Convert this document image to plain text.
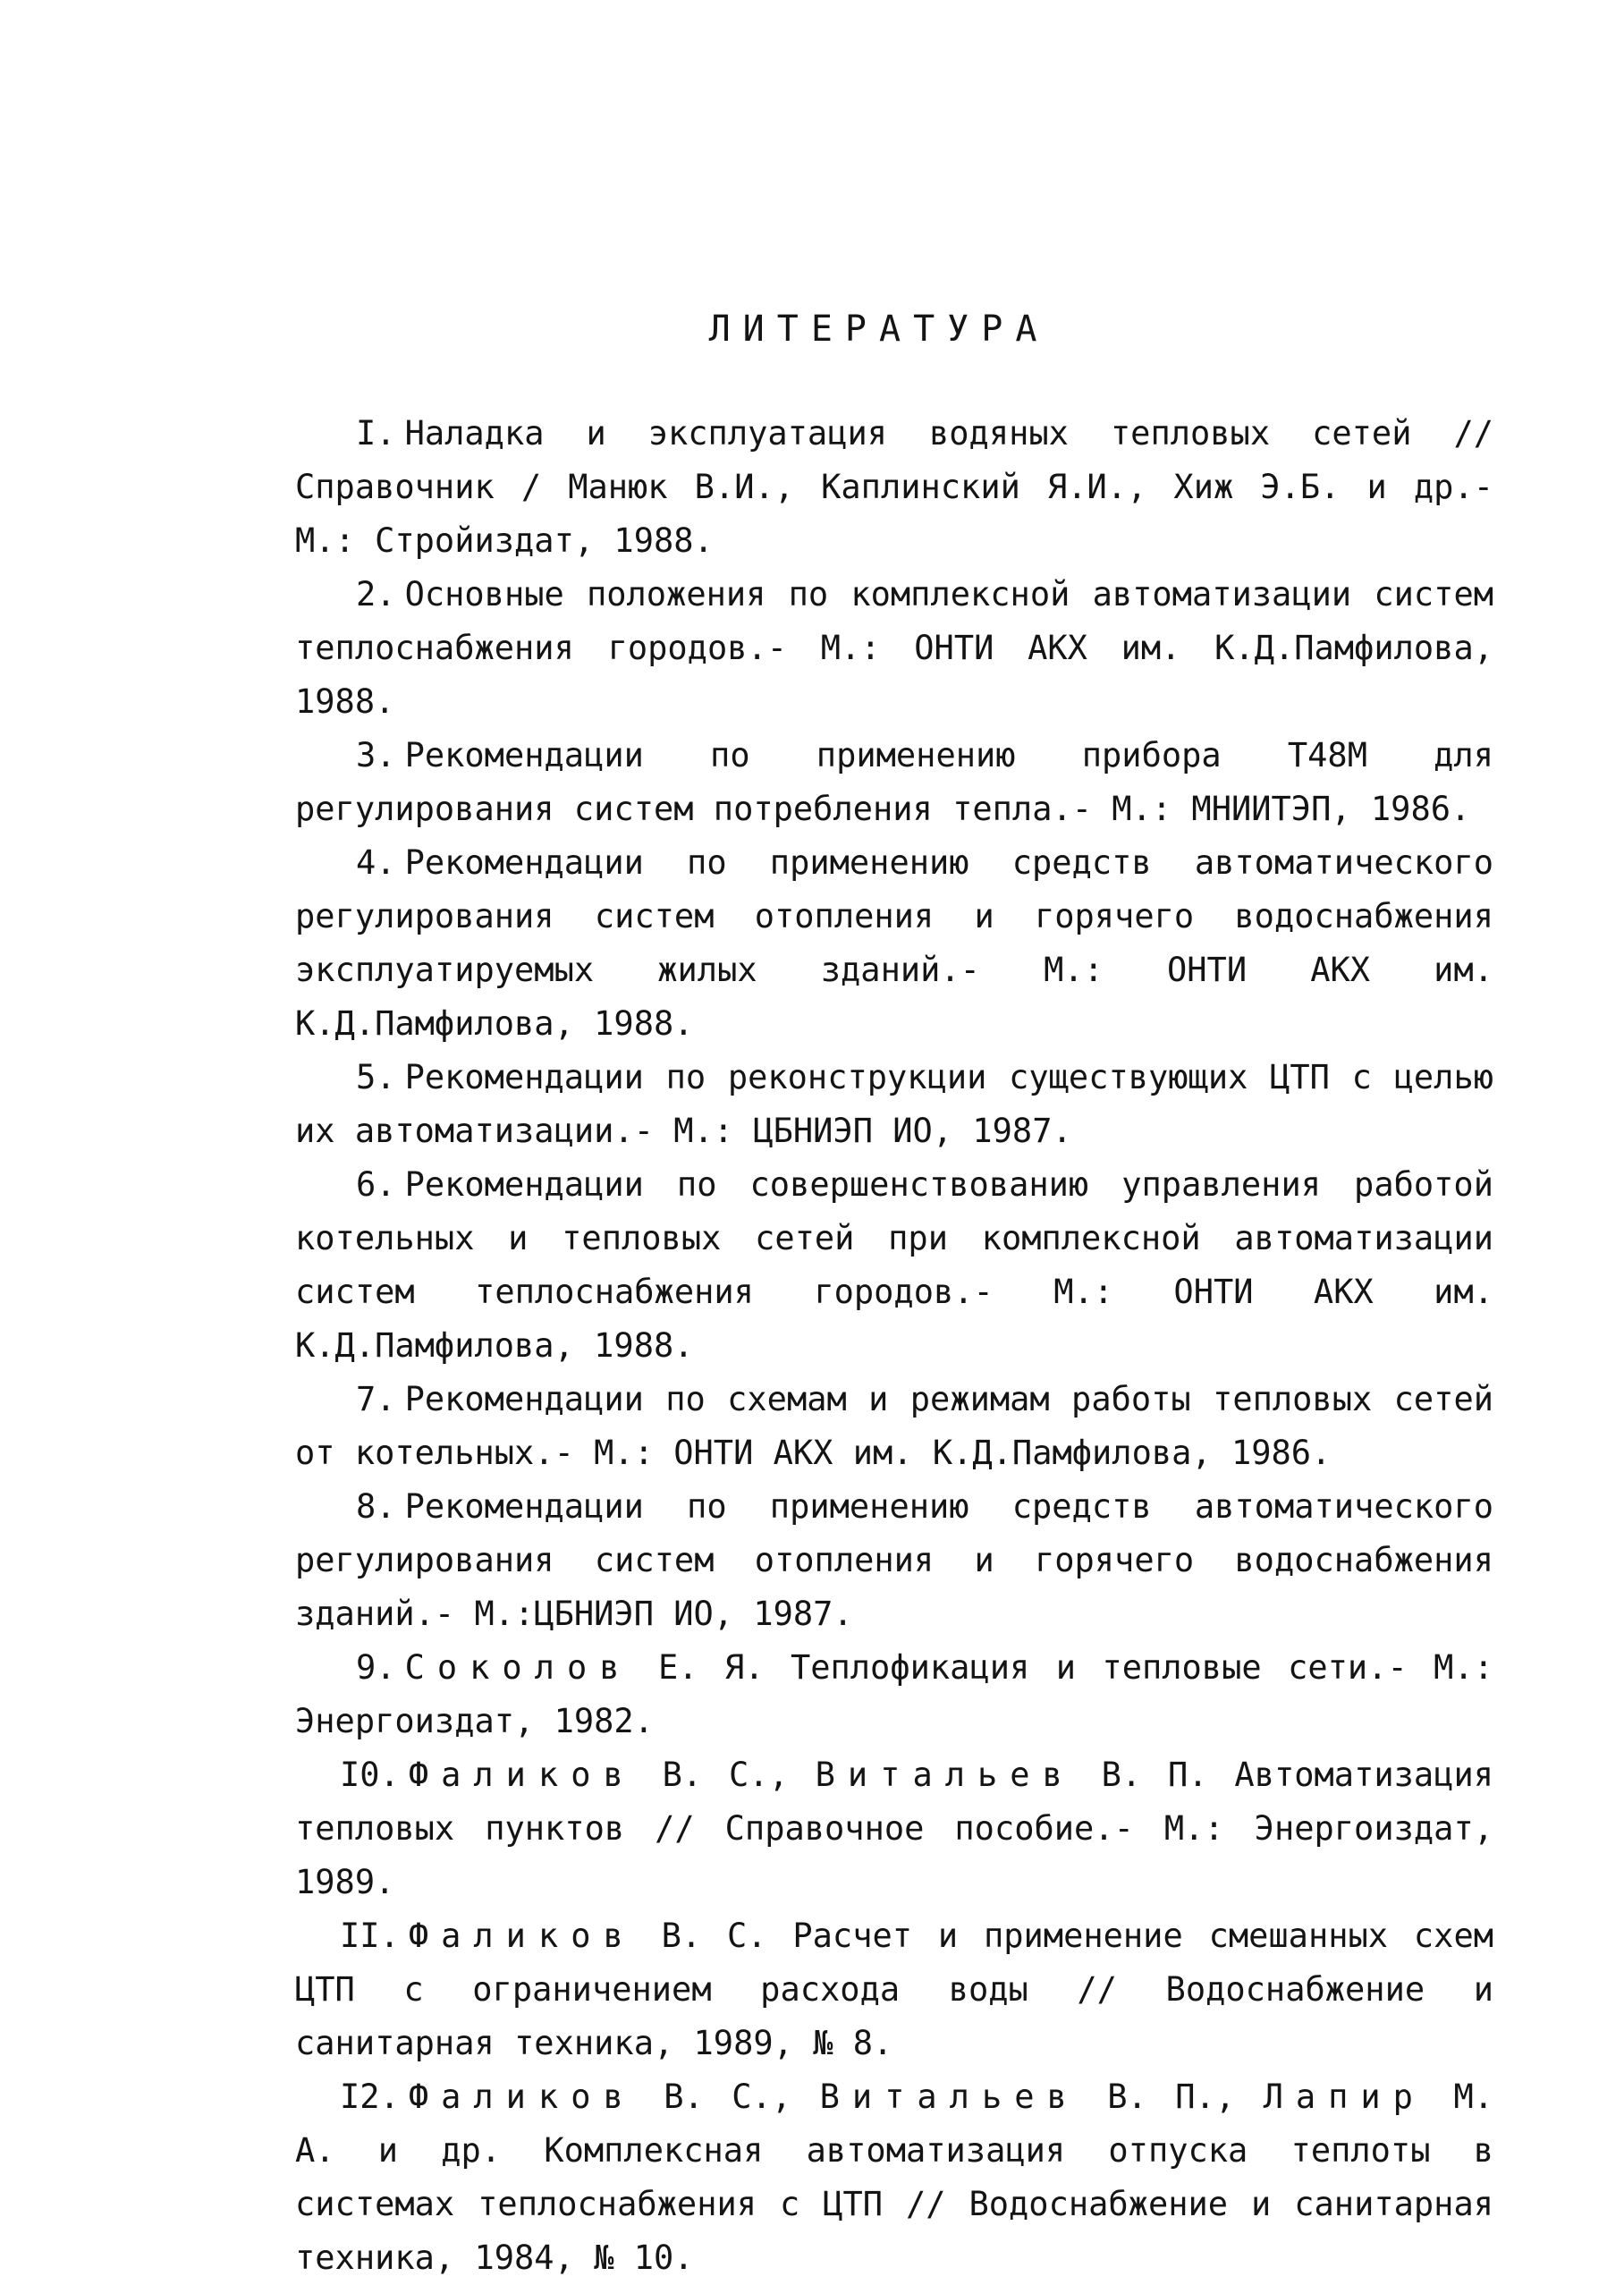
ЛИТЕРАТУРА

I. Наладка и эксплуатация водяных тепловых сетей // Справочник / Манюк В.И., Каплинский Я.И., Хиж Э.Б. и др.- М.: Стройиздат, 1988.

2. Основные положения по комплексной автоматизации систем теплоснабжения городов.- М.: ОНТИ АКХ им. К.Д.Памфилова, 1988.

3. Рекомендации по применению прибора Т48М для регулирования систем потребления тепла.- М.: МНИИТЭП, 1986.

4. Рекомендации по применению средств автоматического регулирования систем отопления и горячего водоснабжения эксплуатируемых жилых зданий.- М.: ОНТИ АКХ им. К.Д.Памфилова, 1988.

5. Рекомендации по реконструкции существующих ЦТП с целью их автоматизации.- М.: ЦБНИЭП ИО, 1987.

6. Рекомендации по совершенствованию управления работой котельных и тепловых сетей при комплексной автоматизации систем теплоснабжения городов.- М.: ОНТИ АКХ им. К.Д.Памфилова, 1988.

7. Рекомендации по схемам и режимам работы тепловых сетей от котельных.- М.: ОНТИ АКХ им. К.Д.Памфилова, 1986.

8. Рекомендации по применению средств автоматического регулирования систем отопления и горячего водоснабжения зданий.- М.:ЦБНИЭП ИО, 1987.

9. Соколов Е. Я. Теплофикация и тепловые сети.- М.: Энергоиздат, 1982.

I0. Фаликов В. С., Витальев В. П. Автоматизация тепловых пунктов // Справочное пособие.- М.: Энергоиздат, 1989.

II. Фаликов В. С. Расчет и применение смешанных схем ЦТП с ограничением расхода воды // Водоснабжение и санитарная техника, 1989, № 8.

I2. Фаликов В. С., Витальев В. П., Лапир М. А. и др. Комплексная автоматизация отпуска теплоты в системах теплоснабжения с ЦТП // Водоснабжение и санитарная техника, 1984, № 10.
